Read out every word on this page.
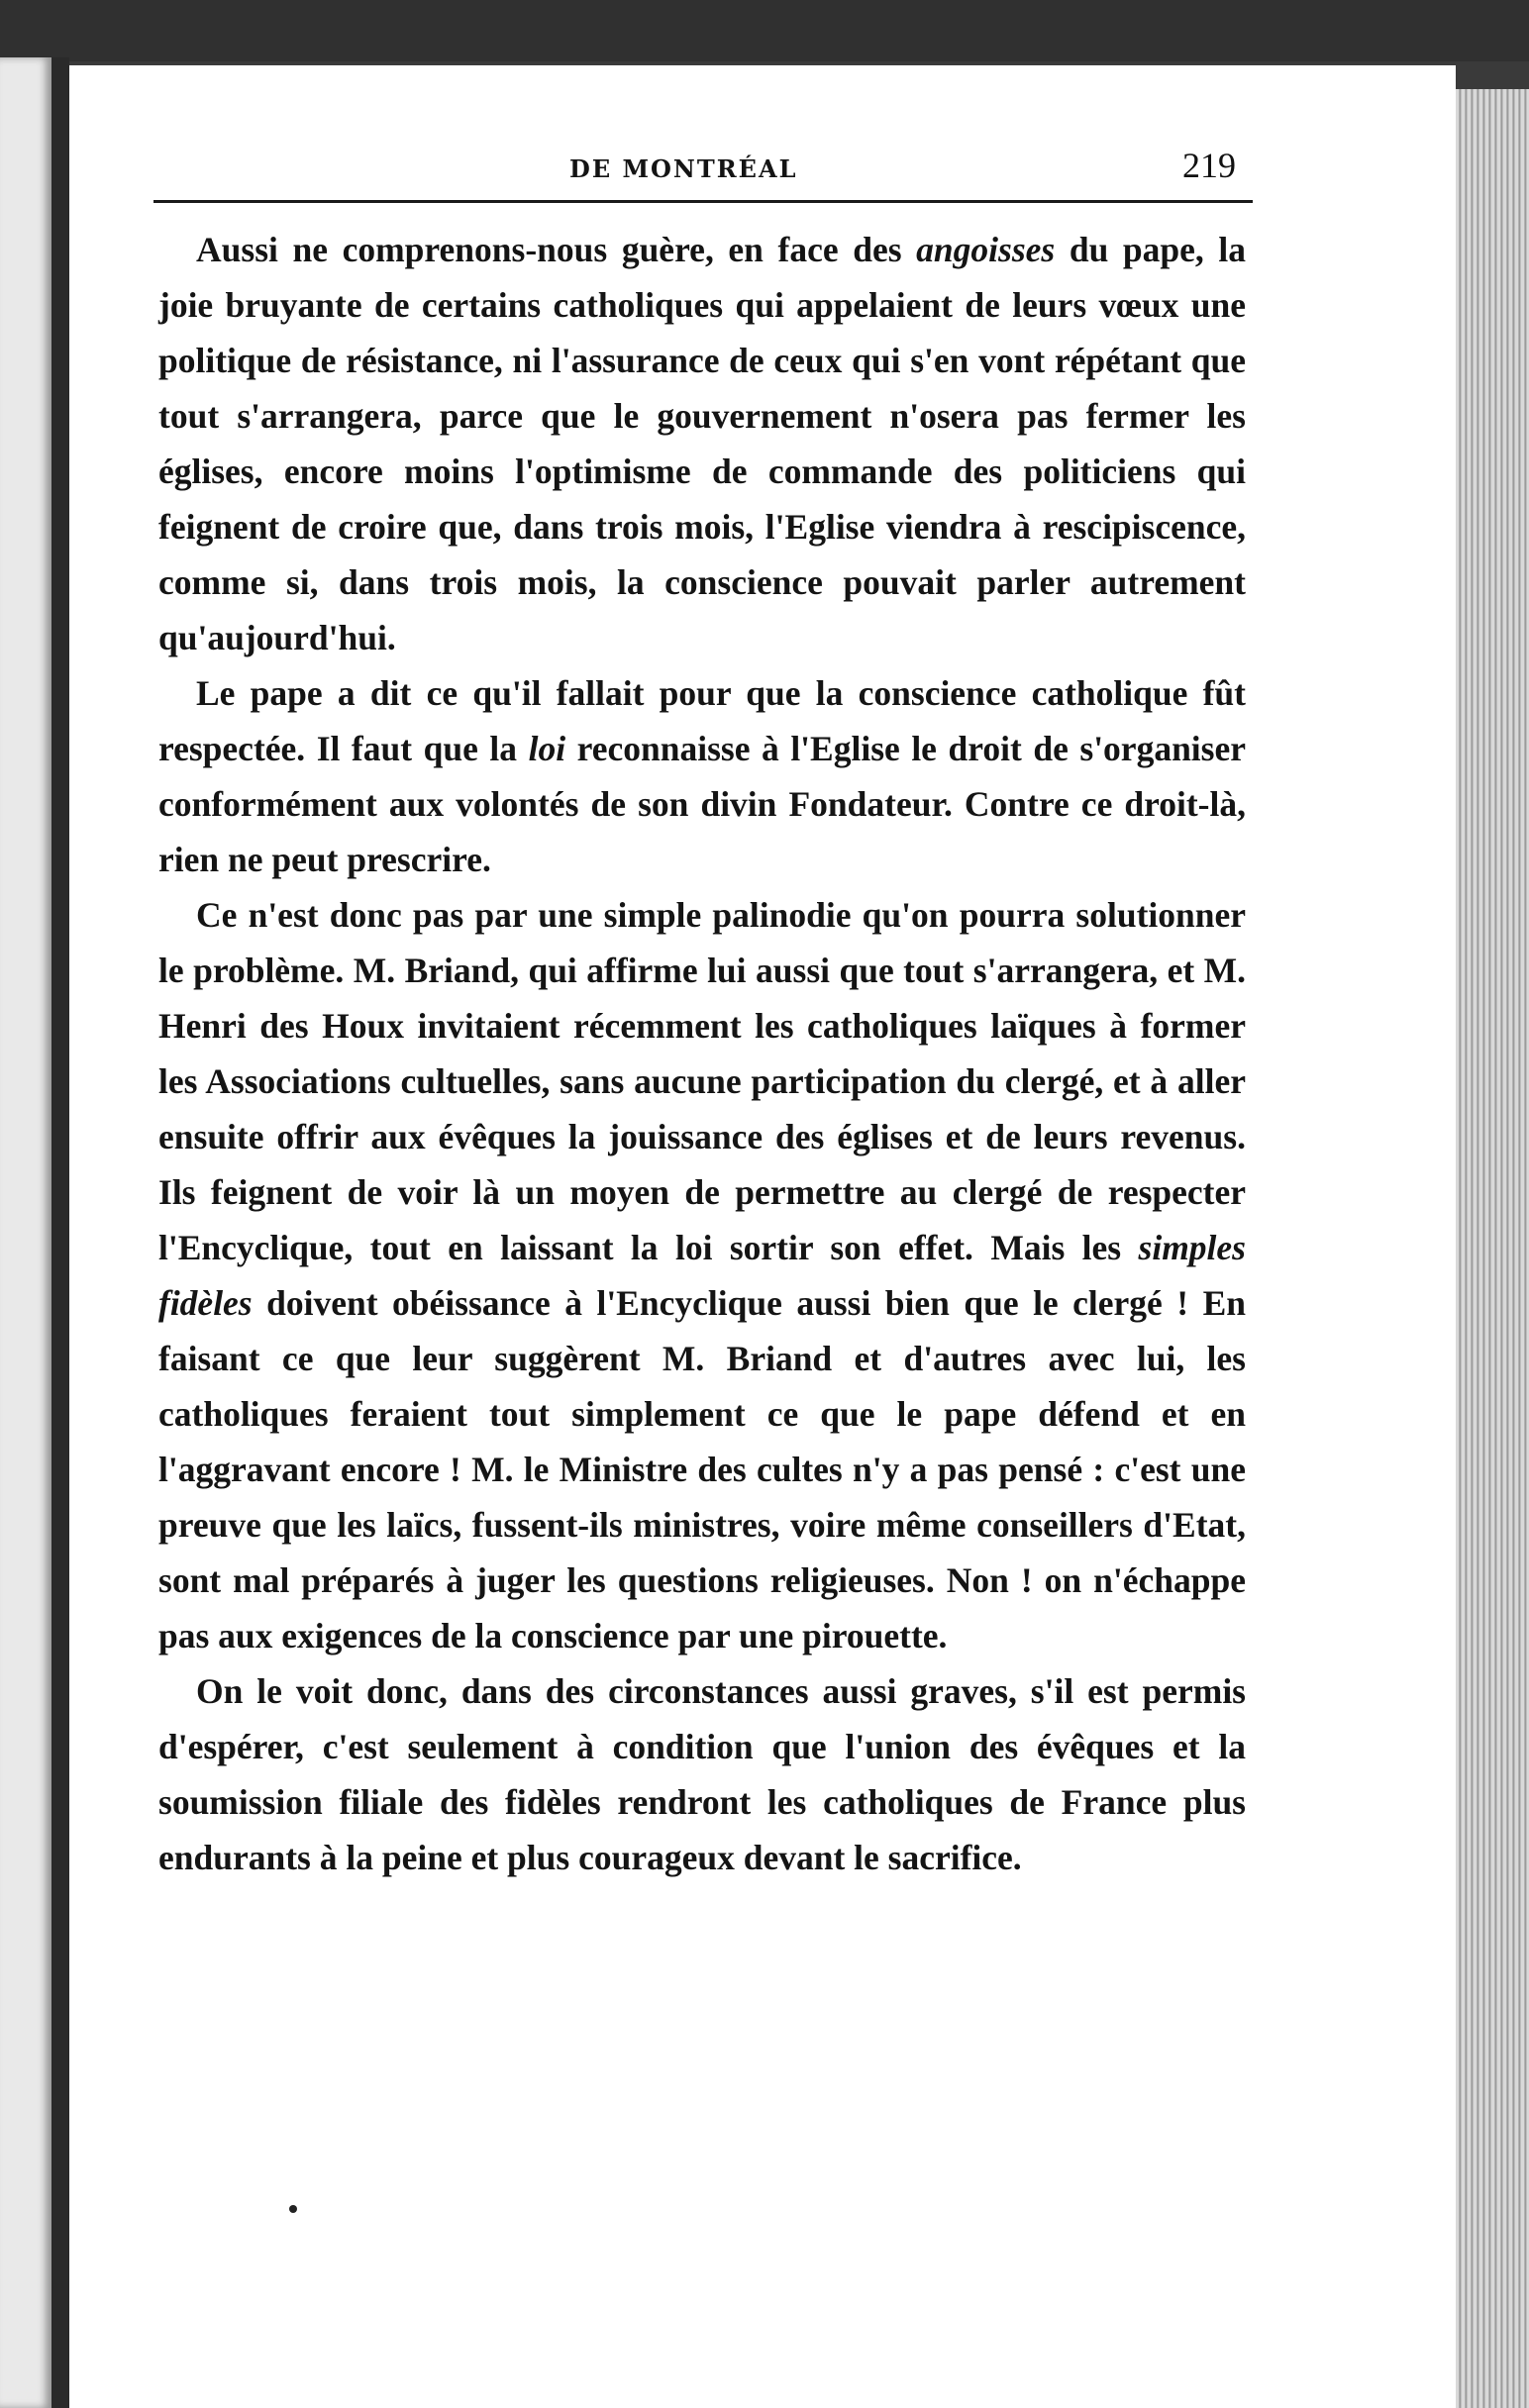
DE MONTRÉAL	219

Aussi ne comprenons-nous guère, en face des angoisses du pape, la joie bruyante de certains catholiques qui appelaient de leurs vœux une politique de résistance, ni l'assurance de ceux qui s'en vont répétant que tout s'arrangera, parce que le gouvernement n'osera pas fermer les églises, encore moins l'optimisme de commande des politiciens qui feignent de croire que, dans trois mois, l'Eglise viendra à rescipiscence, comme si, dans trois mois, la conscience pouvait parler autrement qu'aujourd'hui.

Le pape a dit ce qu'il fallait pour que la conscience catholique fût respectée. Il faut que la loi reconnaisse à l'Eglise le droit de s'organiser conformément aux volontés de son divin Fondateur. Contre ce droit-là, rien ne peut prescrire.

Ce n'est donc pas par une simple palinodie qu'on pourra solutionner le problème. M. Briand, qui affirme lui aussi que tout s'arrangera, et M. Henri des Houx invitaient récemment les catholiques laïques à former les Associations cultuelles, sans aucune participation du clergé, et à aller ensuite offrir aux évêques la jouissance des églises et de leurs revenus. Ils feignent de voir là un moyen de permettre au clergé de respecter l'Encyclique, tout en laissant la loi sortir son effet. Mais les simples fidèles doivent obéissance à l'Encyclique aussi bien que le clergé ! En faisant ce que leur suggèrent M. Briand et d'autres avec lui, les catholiques feraient tout simplement ce que le pape défend et en l'aggravant encore ! M. le Ministre des cultes n'y a pas pensé : c'est une preuve que les laïcs, fussent-ils ministres, voire même conseillers d'Etat, sont mal préparés à juger les questions religieuses. Non ! on n'échappe pas aux exigences de la conscience par une pirouette.

On le voit donc, dans des circonstances aussi graves, s'il est permis d'espérer, c'est seulement à condition que l'union des évêques et la soumission filiale des fidèles rendront les catholiques de France plus endurants à la peine et plus courageux devant le sacrifice.
